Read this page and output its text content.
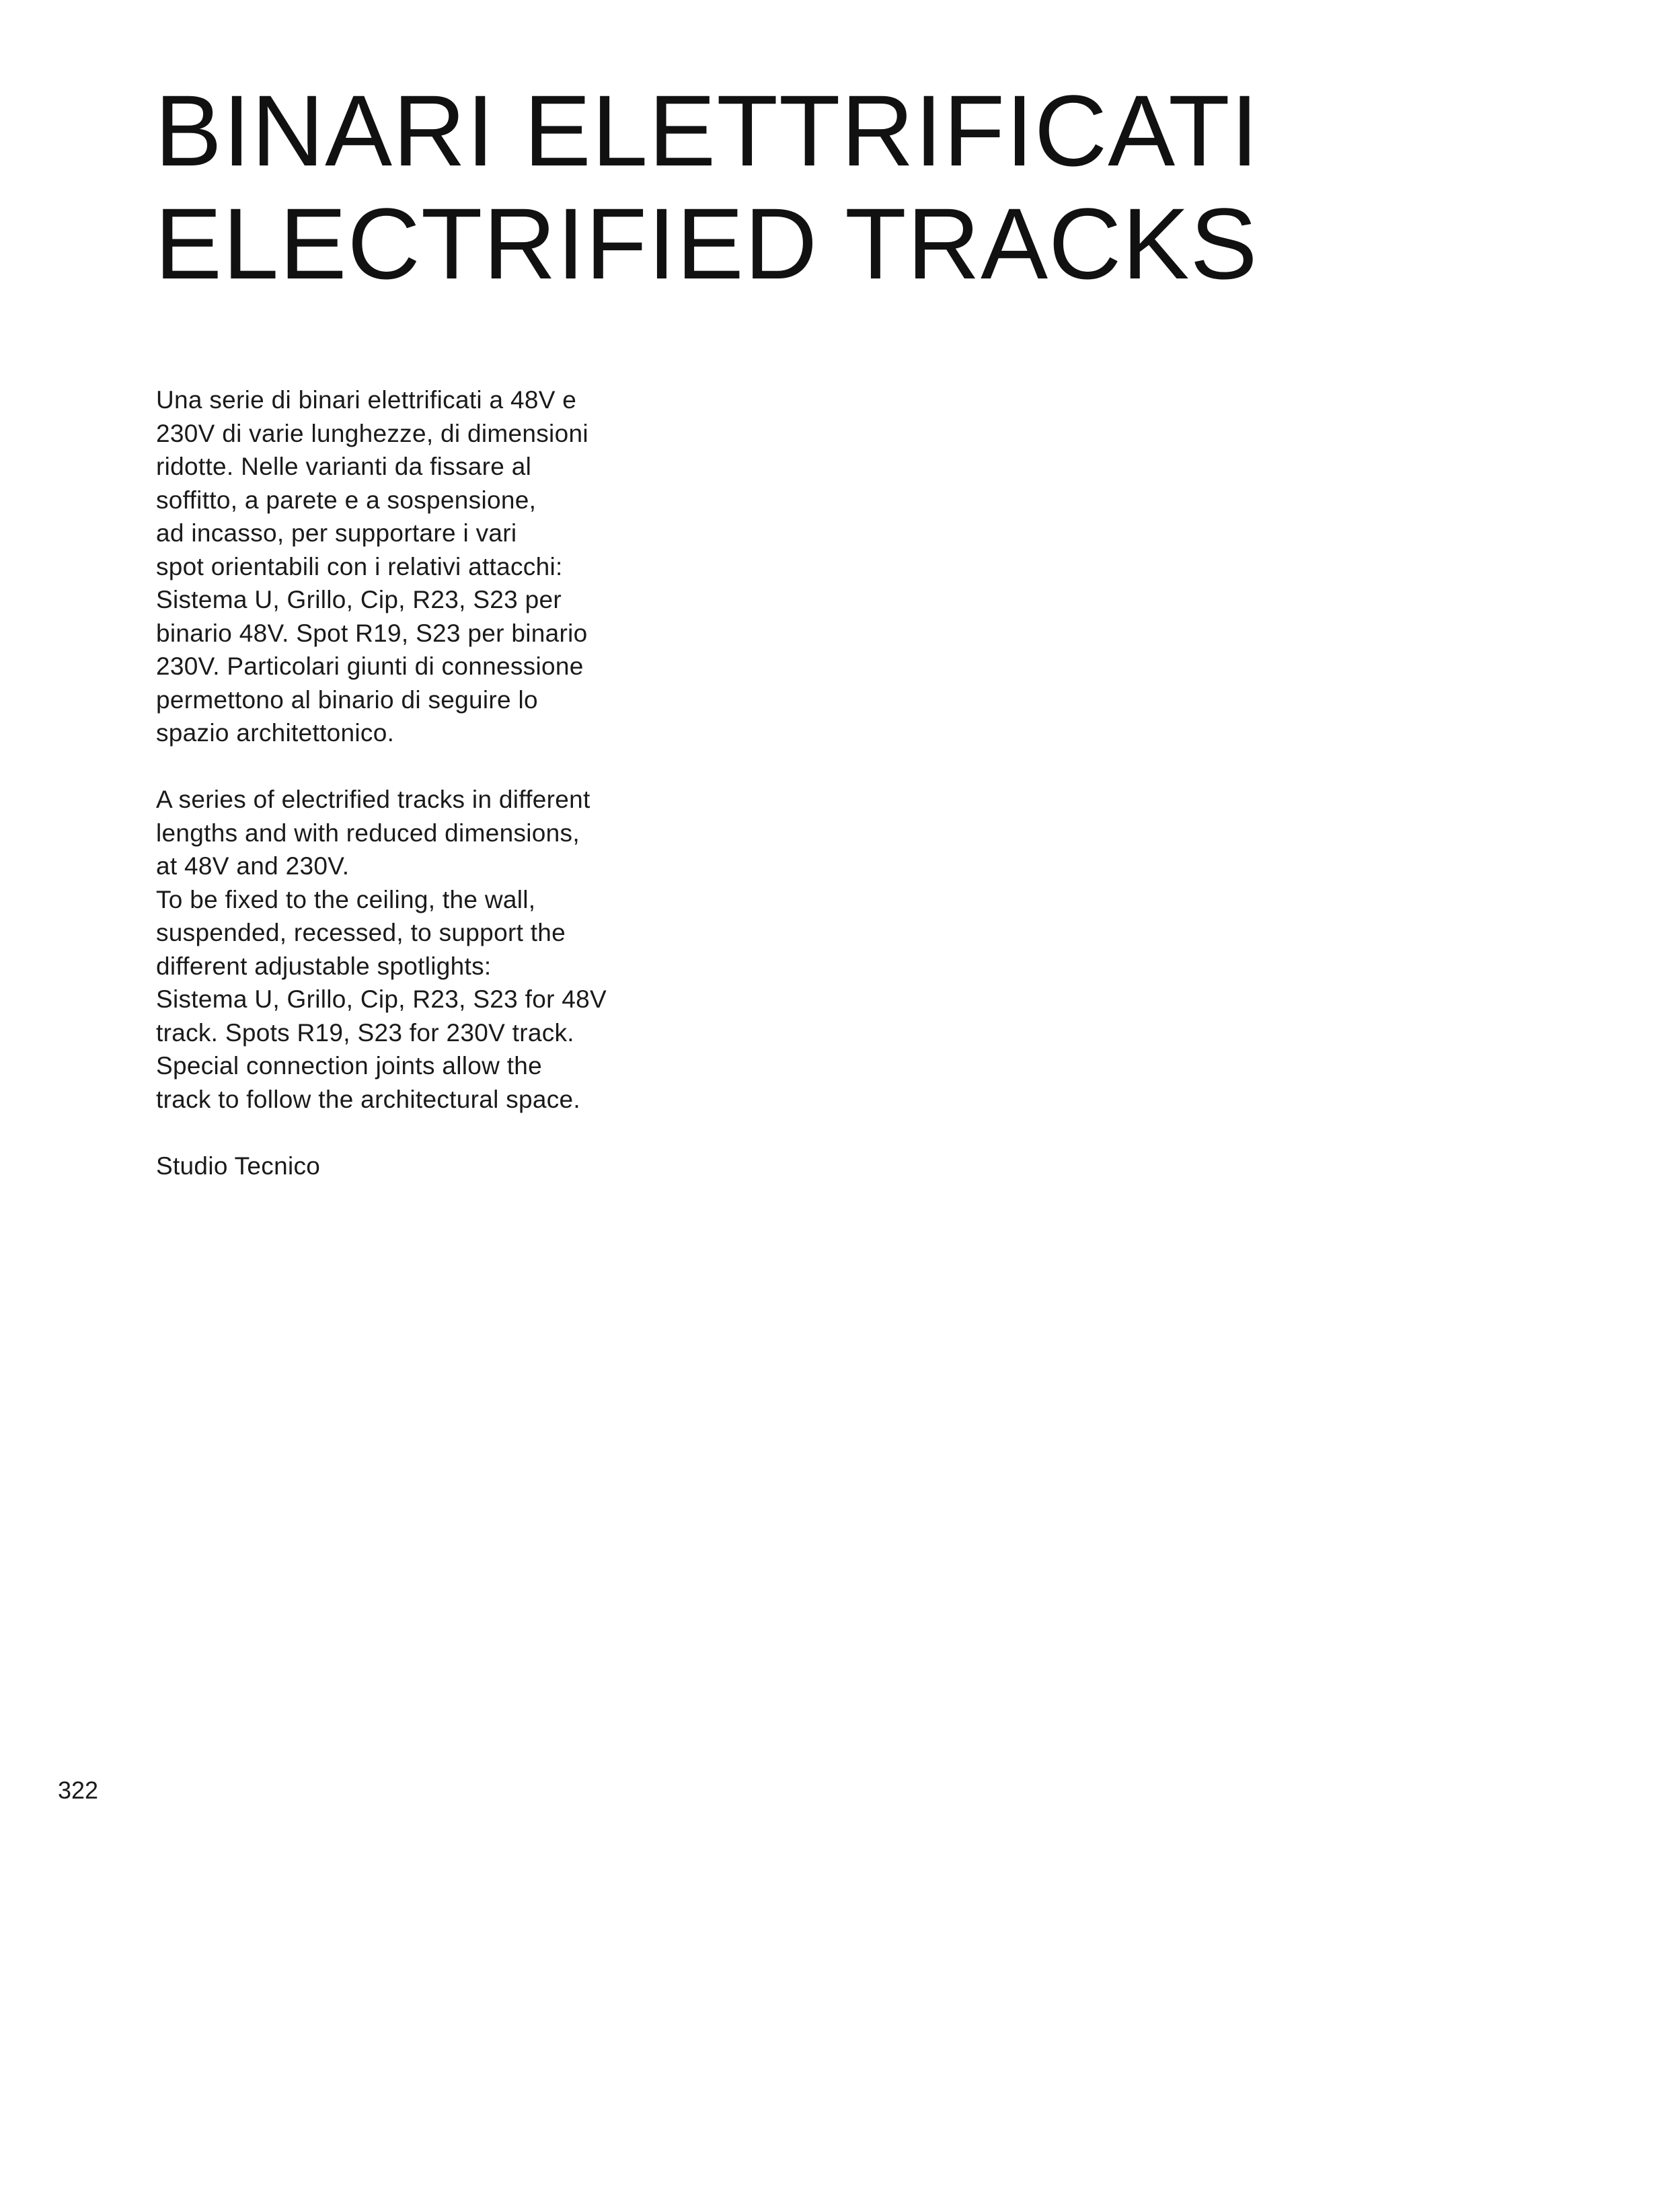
BINARI ELETTRIFICATI
ELECTRIFIED TRACKS

Una serie di binari elettrificati a 48V e
230V di varie lunghezze, di dimensioni
ridotte. Nelle varianti da fissare al
soffitto, a parete e a sospensione,
ad incasso, per supportare i vari
spot orientabili con i relativi attacchi:
Sistema U, Grillo, Cip, R23, S23 per
binario 48V. Spot R19, S23 per binario
230V. Particolari giunti di connessione
permettono al binario di seguire lo
spazio architettonico.

A series of electrified tracks in different
lengths and with reduced dimensions,
at 48V and 230V.
To be fixed to the ceiling, the wall,
suspended, recessed, to support the
different adjustable spotlights:
Sistema U, Grillo, Cip, R23, S23 for 48V
track. Spots R19, S23 for 230V track.
Special connection joints allow the
track to follow the architectural space.

Studio Tecnico

322
